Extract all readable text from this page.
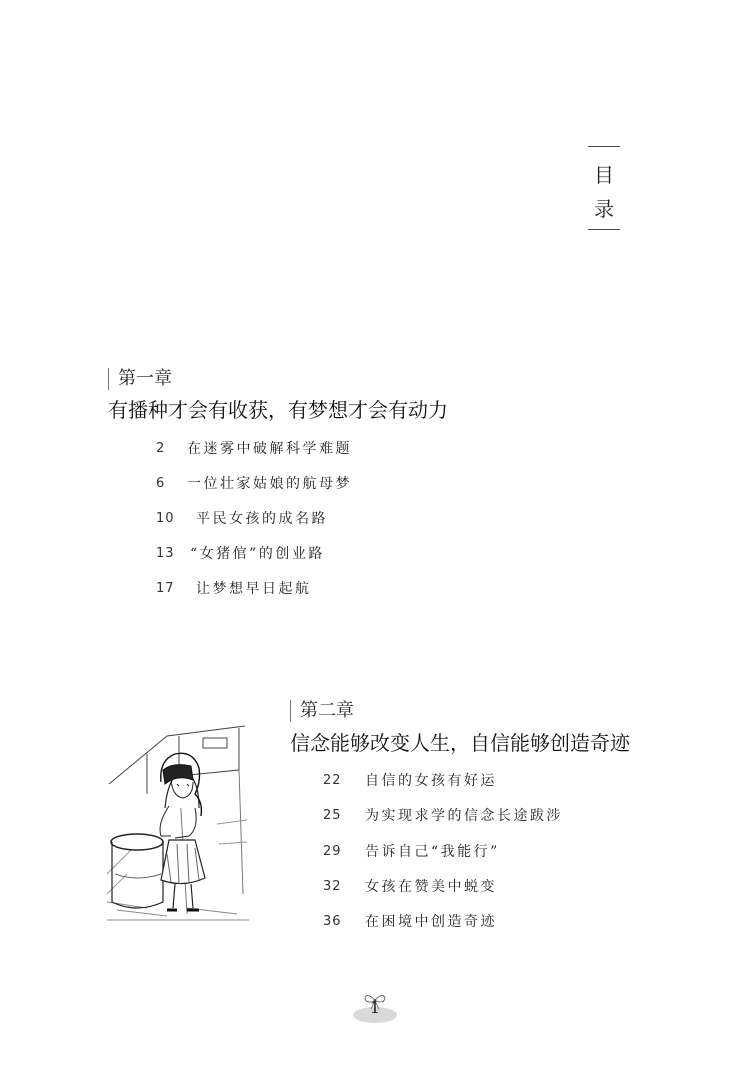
目
录
第一章
有播种才会有收获，有梦想才会有动力
2	在迷雾中破解科学难题
6	一位壮家姑娘的航母梦
10	平民女孩的成名路
13	“女猪倌”的创业路
17	让梦想早日起航
第二章
信念能够改变人生，自信能够创造奇迹
22	自信的女孩有好运
25	为实现求学的信念长途跋涉
29	告诉自己“我能行”
32	女孩在赞美中蜕变
36	在困境中创造奇迹
1
